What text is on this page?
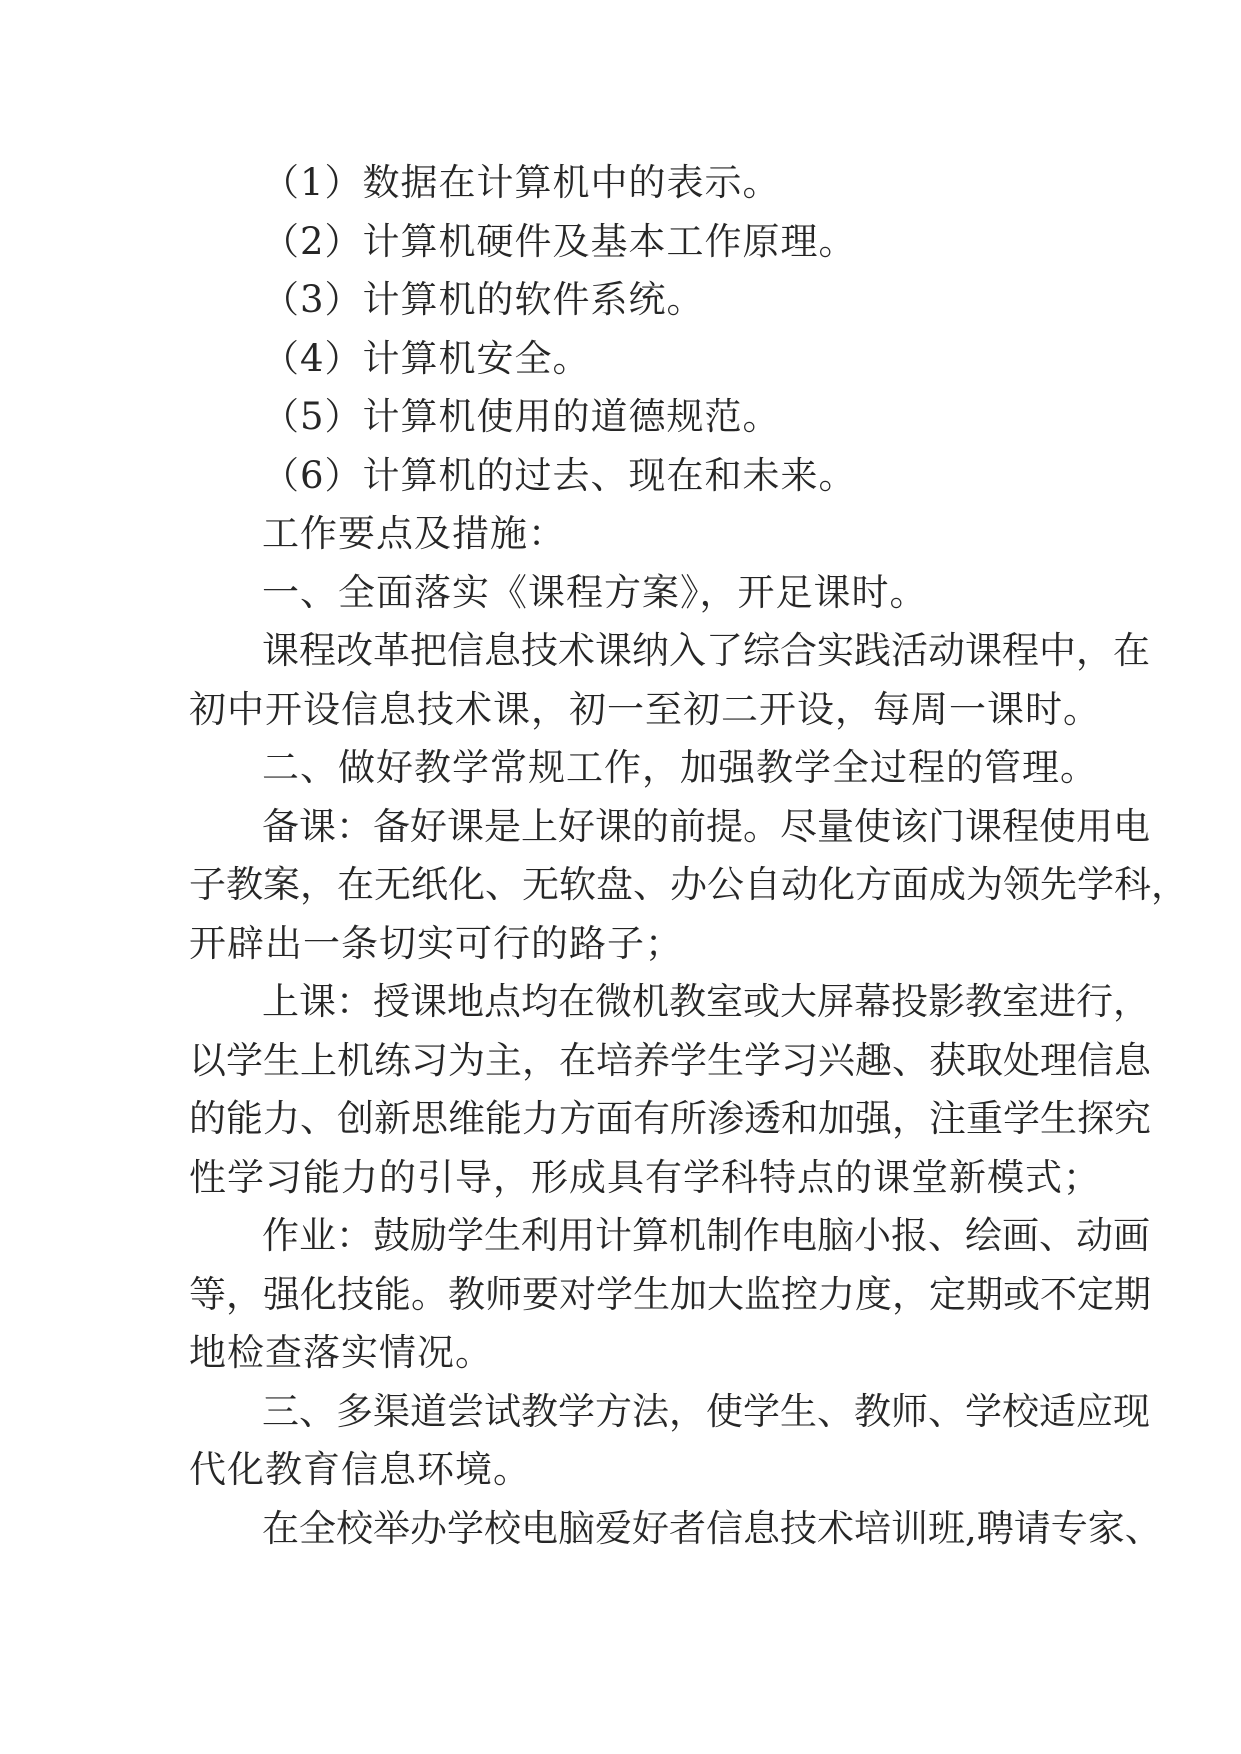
（1）数据在计算机中的表示。
（2）计算机硬件及基本工作原理。
（3）计算机的软件系统。
（4）计算机安全。
（5）计算机使用的道德规范。
（6）计算机的过去、现在和未来。
工作要点及措施：
一、全面落实《课程方案》，开足课时。
课 程 改 革 把 信 息 技 术 课 纳 入 了 综 合 实 践 活 动 课 程 中 ， 在
初中开设信息技术课，初一至初二开设，每周一课时。
二、做好教学常规工作，加强教学全过程的管理。
备 课 ： 备 好 课 是 上 好 课 的 前 提 。 尽 量 使 该 门 课 程 使 用 电
子 教 案 ， 在 无 纸 化 、 无 软 盘 、 办 公 自 动 化 方 面 成 为 领 先 学 科 ，
开辟出一条切实可行的路子；
上 课 ： 授 课 地 点 均 在 微 机 教 室 或 大 屏 幕 投 影 教 室 进 行 ，
以 学 生 上 机 练 习 为 主 ， 在 培 养 学 生 学 习 兴 趣 、 获 取 处 理 信 息
的 能 力 、 创 新 思 维 能 力 方 面 有 所 渗 透 和 加 强 ， 注 重 学 生 探 究
性学习能力的引导，形成具有学科特点的课堂新模式；
作 业 ： 鼓 励 学 生 利 用 计 算 机 制 作 电 脑 小 报 、 绘 画 、 动 画
等 ， 强 化 技 能 。 教 师 要 对 学 生 加 大 监 控 力 度 ， 定 期 或 不 定 期
地检查落实情况。
三 、 多 渠 道 尝 试 教 学 方 法 ， 使 学 生 、 教 师 、 学 校 适 应 现
代化教育信息环境。
在 全 校 举 办 学 校 电 脑 爱 好 者 信 息 技 术 培 训 班 , 聘 请 专 家 、
